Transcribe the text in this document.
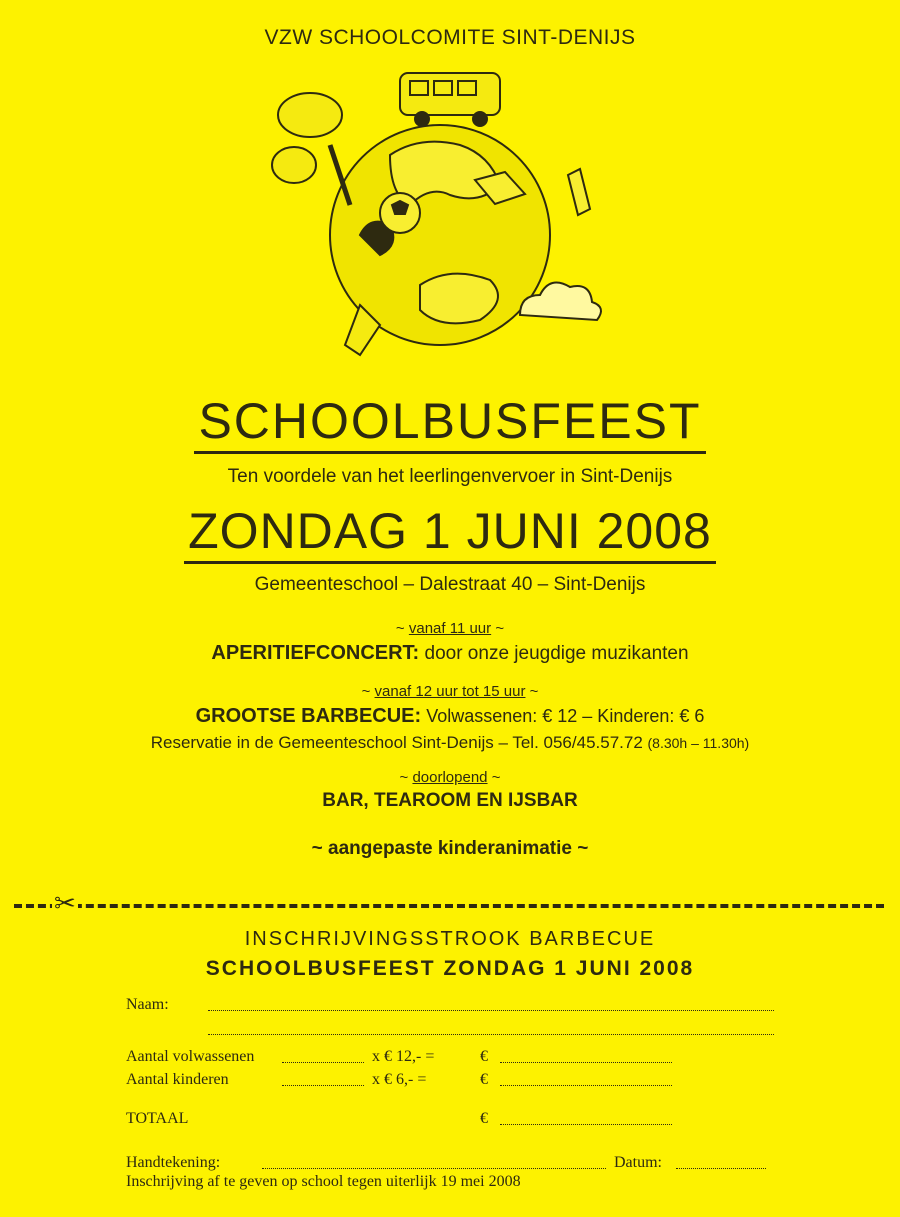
VZW SCHOOLCOMITE SINT-DENIJS
SCHOOLBUSFEEST
Ten voordele van het leerlingenvervoer in Sint-Denijs
ZONDAG 1 JUNI 2008
Gemeenteschool – Dalestraat 40 – Sint-Denijs
~ vanaf 11 uur ~
APERITIEFCONCERT: door onze jeugdige muzikanten
~ vanaf 12 uur tot 15 uur ~
GROOTSE BARBECUE: Volwassenen: € 12 – Kinderen: € 6
Reservatie in de Gemeenteschool Sint-Denijs – Tel. 056/45.57.72 (8.30h – 11.30h)
~ doorlopend ~
BAR, TEAROOM EN IJSBAR
~ aangepaste kinderanimatie ~
✂
INSCHRIJVINGSSTROOK BARBECUE
SCHOOLBUSFEEST ZONDAG 1 JUNI 2008
Naam:
Aantal volwassenen	x € 12,- =	€
Aantal kinderen	x € 6,- =	€
TOTAAL	€
Handtekening:	Datum:
Inschrijving af te geven op school tegen uiterlijk 19 mei 2008
